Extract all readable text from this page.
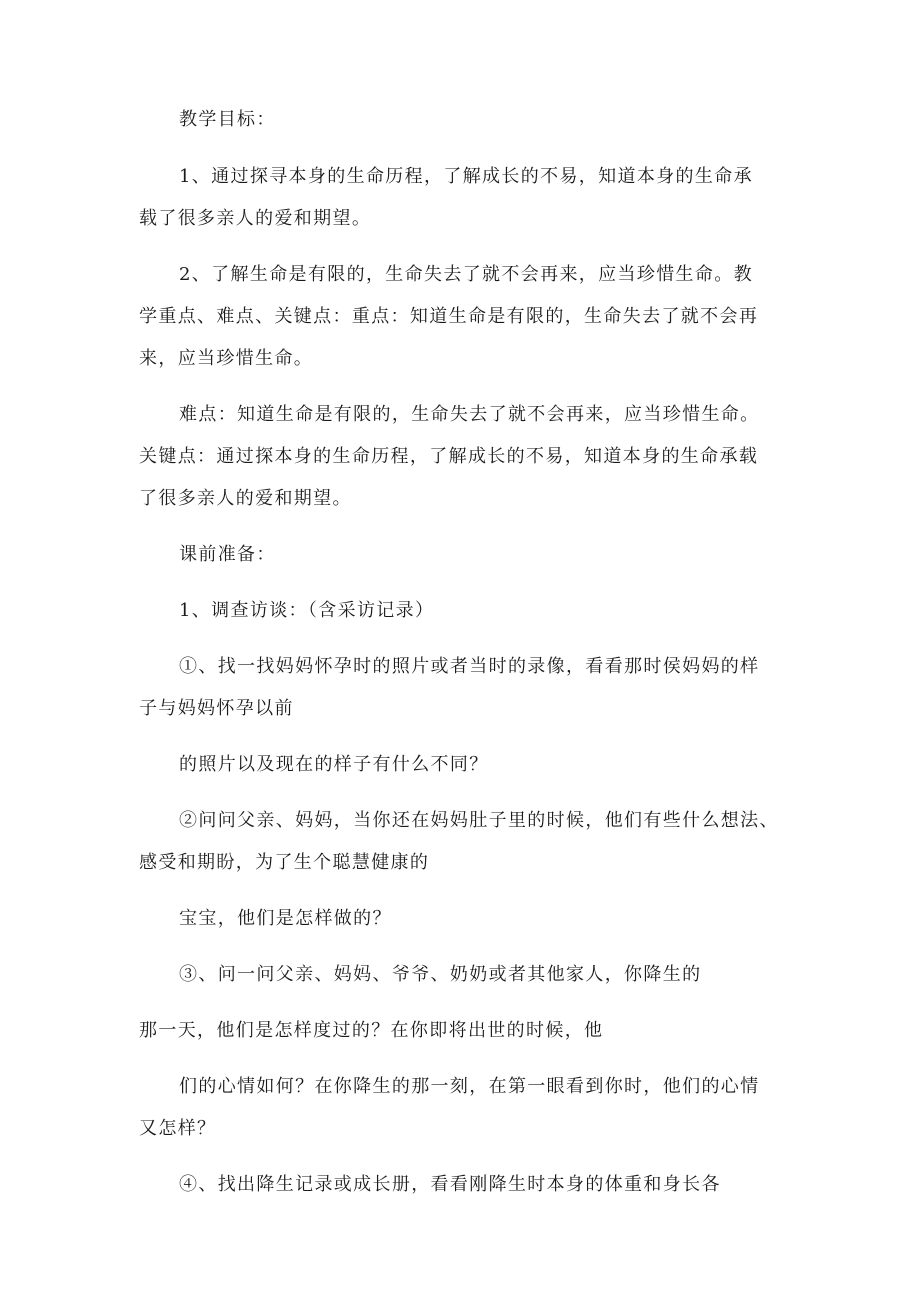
教学目标：

1、通过探寻本身的生命历程，了解成长的不易，知道本身的生命承

载了很多亲人的爱和期望。

2、了解生命是有限的，生命失去了就不会再来，应当珍惜生命。教

学重点、难点、关键点：重点：知道生命是有限的，生命失去了就不会再

来，应当珍惜生命。

难点：知道生命是有限的，生命失去了就不会再来，应当珍惜生命。

关键点：通过探本身的生命历程，了解成长的不易，知道本身的生命承载

了很多亲人的爱和期望。

课前准备：

1、调查访谈：（含采访记录）

①、找一找妈妈怀孕时的照片或者当时的录像，看看那时侯妈妈的样

子与妈妈怀孕以前

的照片以及现在的样子有什么不同？

②问问父亲、妈妈，当你还在妈妈肚子里的时候，他们有些什么想法、

感受和期盼，为了生个聪慧健康的

宝宝，他们是怎样做的？

③、问一问父亲、妈妈、爷爷、奶奶或者其他家人，你降生的

那一天，他们是怎样度过的？在你即将出世的时候，他

们的心情如何？在你降生的那一刻，在第一眼看到你时，他们的心情

又怎样？

④、找出降生记录或成长册，看看刚降生时本身的体重和身长各
